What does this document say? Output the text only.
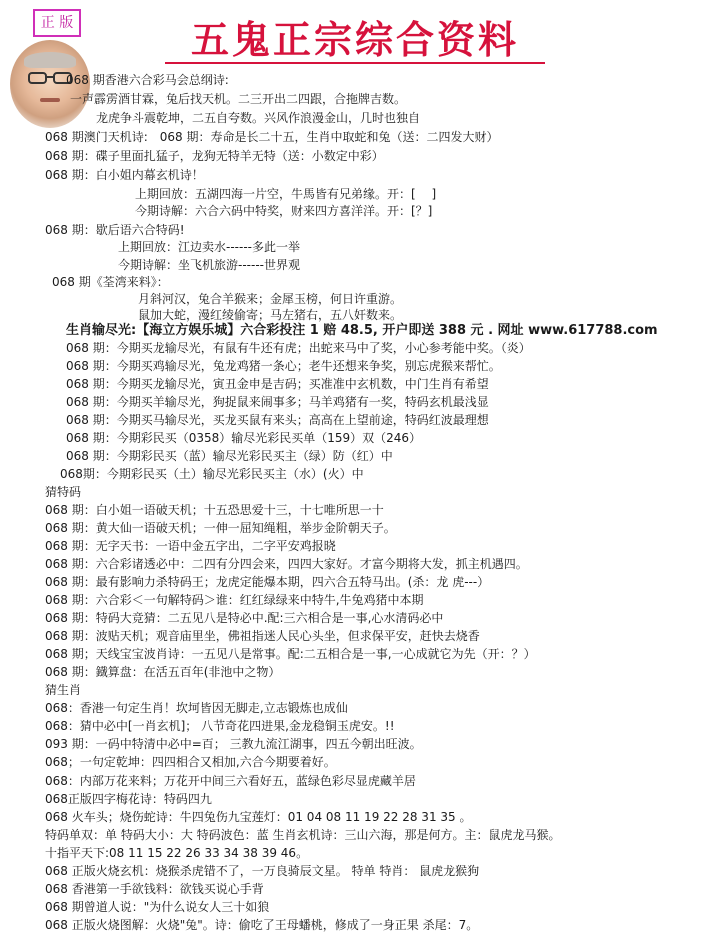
正 版	五鬼正宗综合资料
068 期香港六合彩马会总纲诗:
一声霹雳酒甘霖，兔后找天机。二三开出二四跟，合拖牌吉数。
龙虎争斗震乾坤，二五自夸数。兴风作浪漫金山，几时也独自
068 期澳门天机诗:　068 期：寿命是长二十五，生肖中取蛇和兔（送：二四发大财）
068 期：碟子里面扎猛子，龙狗无特羊无特（送：小数定中彩）
068 期：白小姐内幕玄机诗！
上期回放：五湖四海一片空，牛馬皆有兄弟缘。开：[　 ]
今期诗解：六合六码中特奖，财来四方喜洋洋。开：[？]
068 期：歇后语六合特码!
上期回放：江边卖水------多此一举
今期诗解：坐飞机旅游------世界观
068 期《荃湾来料》：
月斜河汉，兔合羊猴来；金犀玉榜，何日许重游。
鼠加大蛇，漫红绫偷寄；马左猪右，五八奸数来。
生肖输尽光:【海立方娱乐城】六合彩投注 1 赔 48.5, 开户即送 388 元 . 网址 www.617788.com
068 期：今期买龙输尽光，有鼠有牛还有虎；出蛇来马中了奖，小心参考能中奖。（炎）
068 期：今期买鸡输尽光，兔龙鸡猪一条心；老牛还想来争奖，别忘虎猴来帮忙。
068 期：今期买龙输尽光，寅丑金申是吉码；买准准中玄机数，中门生肖有希望
068 期：今期买羊输尽光，狗捉鼠来闹事多；马羊鸡猪有一奖，特码玄机最浅显
068 期：今期买马输尽光，买龙买鼠有来头；高高在上望前途，特码红波最理想
068 期：今期彩民买（0358）输尽光彩民买单（159）双（246）
068 期：今期彩民买（蓝）输尽光彩民买主（绿）防（红）中
068期：今期彩民买（土）输尽光彩民买主（水）(火）中
猜特码
068 期：白小姐一语破天机；十五恐思爱十三，十七唯所思一十
068 期：黄大仙一语破天机；一伸一屈知绳粗，举步金阶朝天子。
068 期：无字天书：一语中金五字出，二字平安鸡报晓
068 期：六合彩诸透必中：二四有分四会来，四四大家好。才富今期将大发，抓主机遇四。
068 期：最有影响力杀特码王；龙虎定能爆本期，四六合五特马出。(杀：龙 虎---）
068 期：六合彩＜一句解特码＞谁：红红绿绿来中特牛,牛兔鸡猪中本期
068 期：特码大竞猜：二五见八是特必中.配:三六相合是一事,心水清码必中
068 期：波贴天机；观音庙里坐，佛祖指迷人民心头坐，但求保平安，赶快去烧香
068 期；天线宝宝波肖诗：一五见八是常事。配:二五相合是一事,一心成就它为先（开：？）
068 期：鐡算盘：在活五百年(非池中之物）
猜生肖
068：香港一句定生肖！坎坷皆因无脚走,立志锻炼也成仙
068：猜中必中[一肖玄机]； 八节奇花四进果,金龙稳铜玉虎安。!!
093 期：一码中特清中必中=百； 三教九流江湖事，四五今朝出旺波。
068；一句定乾坤：四四相合又相加,六合今期要着好。
068：内部万花来料；万花开中间三六看好五，蓝绿色彩尽显虎藏羊居
068正版四字梅花诗：特码四九
068 火车头；烧伤蛇诗：牛四兔伤九宝莲灯：01 04 08 11 19 22 28 31 35 。
特码单双：单 特码大小：大 特码波色：蓝 生肖玄机诗：三山六海，那是何方。主：鼠虎龙马猴。
十指平天下:08 11 15 22 26 33 34 38 39 46。
068 正版火烧玄机：烧猴杀虎错不了，一万良骑辰文星。 特单 特肖： 鼠虎龙猴狗
068 香港第一手欲钱料：欲钱买说心手背
068 期曾道人说："为什么说女人三十如狼
068 正版火烧图解：火烧"兔"。诗：偷吃了王母蟠桃，修成了一身正果 杀尾：7。
